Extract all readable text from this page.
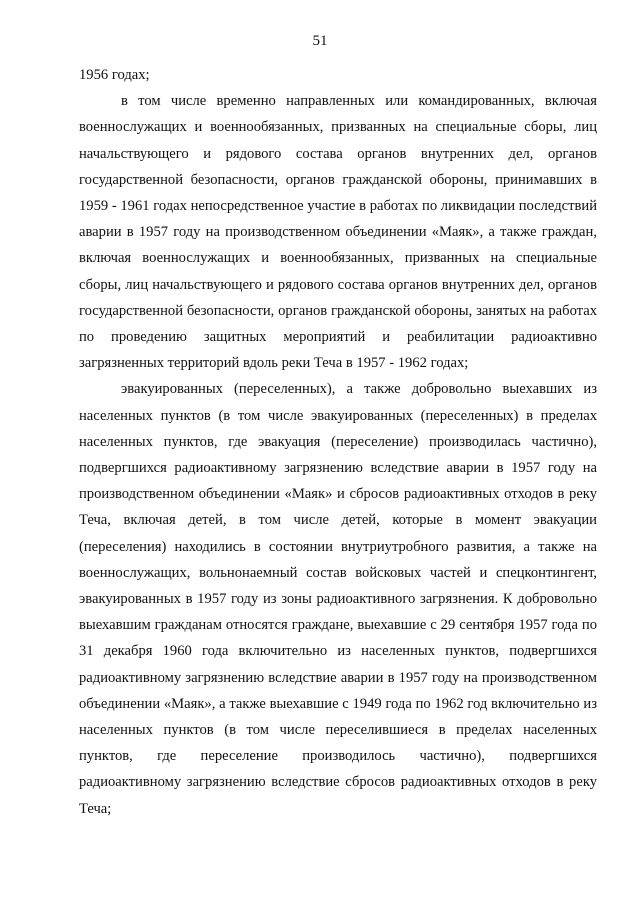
51

1956 годах;

в том числе временно направленных или командированных, включая военнослужащих и военнообязанных, призванных на специальные сборы, лиц начальствующего и рядового состава органов внутренних дел, органов государственной безопасности, органов гражданской обороны, принимавших в 1959 - 1961 годах непосредственное участие в работах по ликвидации последствий аварии в 1957 году на производственном объединении «Маяк», а также граждан, включая военнослужащих и военнообязанных, призванных на специальные сборы, лиц начальствующего и рядового состава органов внутренних дел, органов государственной безопасности, органов гражданской обороны, занятых на работах по проведению защитных мероприятий и реабилитации радиоактивно загрязненных территорий вдоль реки Теча в 1957 - 1962 годах;

эвакуированных (переселенных), а также добровольно выехавших из населенных пунктов (в том числе эвакуированных (переселенных) в пределах населенных пунктов, где эвакуация (переселение) производилась частично), подвергшихся радиоактивному загрязнению вследствие аварии в 1957 году на производственном объединении «Маяк» и сбросов радиоактивных отходов в реку Теча, включая детей, в том числе детей, которые в момент эвакуации (переселения) находились в состоянии внутриутробного развития, а также на военнослужащих, вольнонаемный состав войсковых частей и спецконтингент, эвакуированных в 1957 году из зоны радиоактивного загрязнения. К добровольно выехавшим гражданам относятся граждане, выехавшие с 29 сентября 1957 года по 31 декабря 1960 года включительно из населенных пунктов, подвергшихся радиоактивному загрязнению вследствие аварии в 1957 году на производственном объединении «Маяк», а также выехавшие с 1949 года по 1962 год включительно из населенных пунктов (в том числе переселившиеся в пределах населенных пунктов, где переселение производилось частично), подвергшихся радиоактивному загрязнению вследствие сбросов радиоактивных отходов в реку Теча;
